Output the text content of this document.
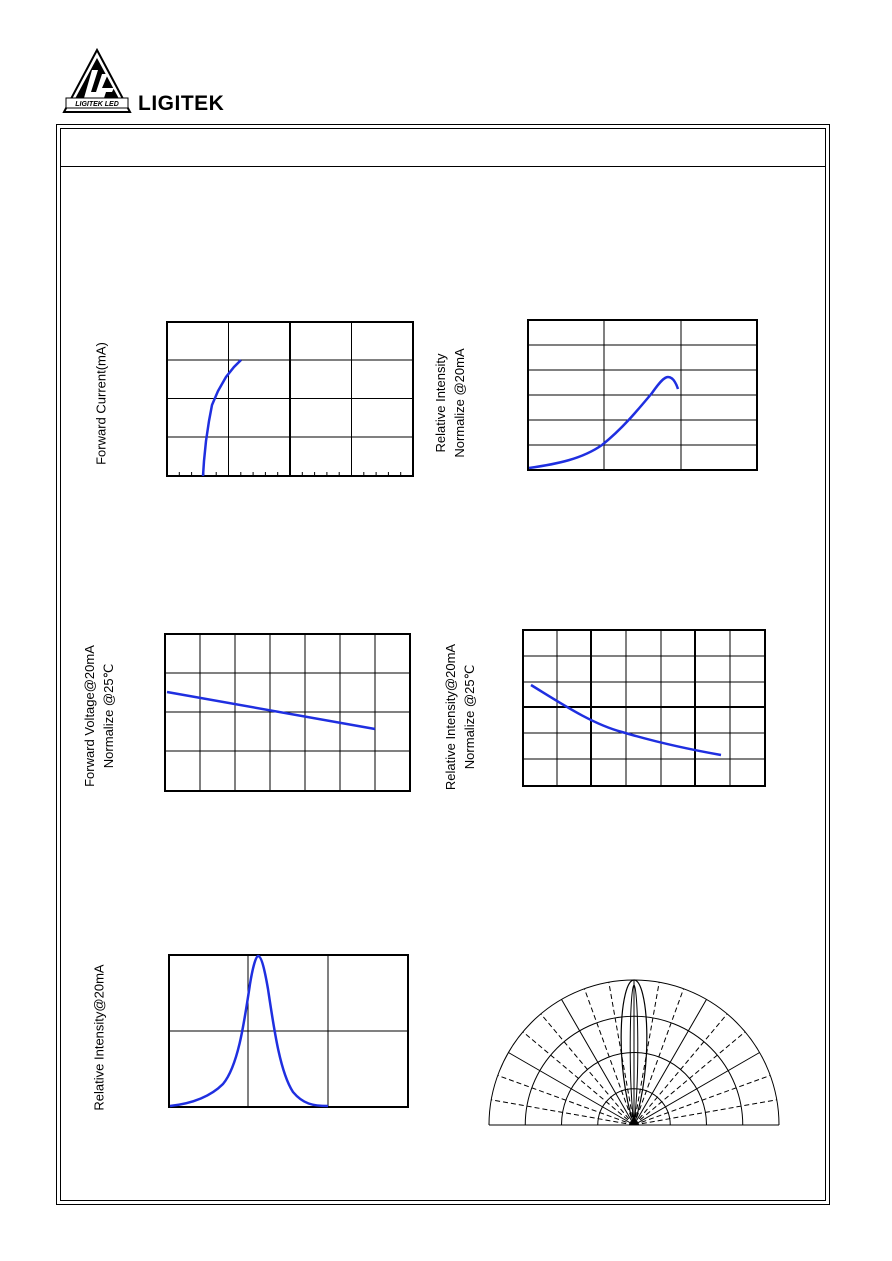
LIGITEK LED LIGITEK
Forward Current(mA)	Relative Intensity Normalize @20mA
Forward Voltage@20mA Normalize @25℃	Relative Intensity@20mA Normalize @25℃
Relative Intensity@20mA
